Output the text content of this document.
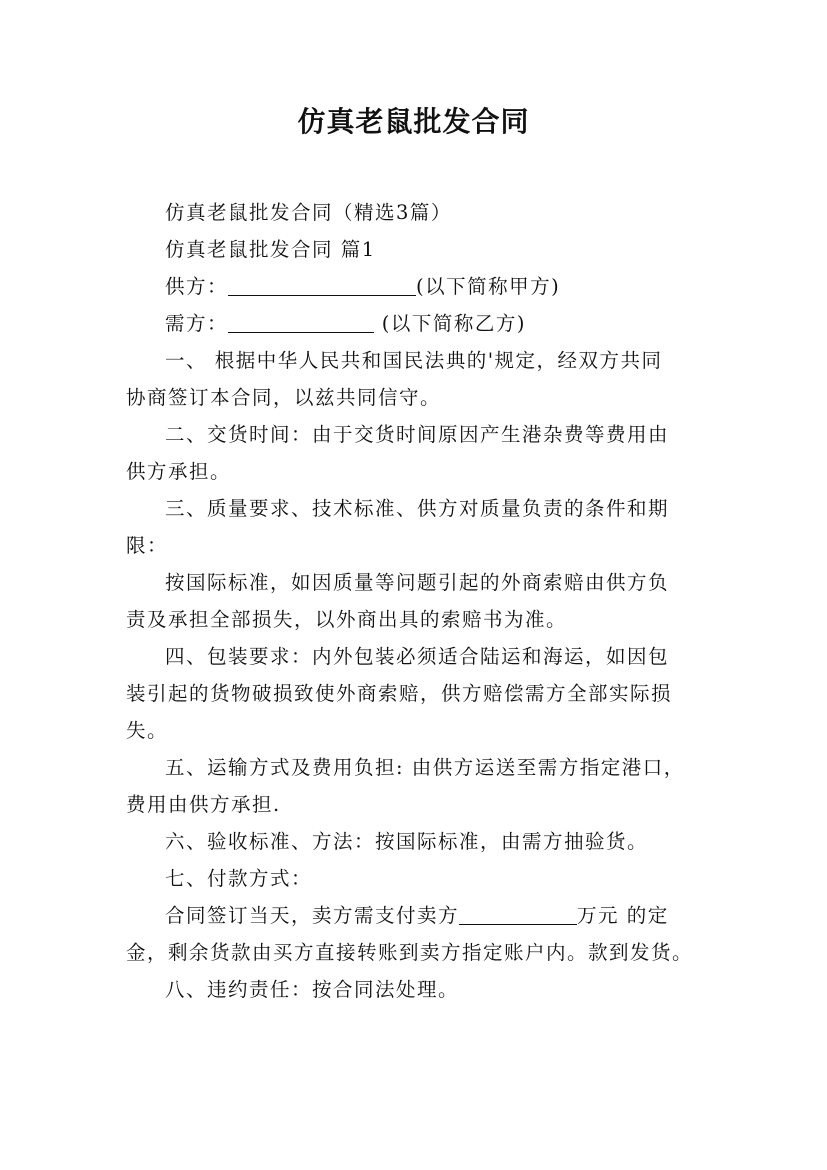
仿真老鼠批发合同
仿真老鼠批发合同（精选3篇）
仿真老鼠批发合同 篇1
供方：	(以下简称甲方)
需方：	(以下简称乙方)
一、 根据中华人民共和国民法典的'规定，经双方共同
协商签订本合同，以兹共同信守。
二、交货时间：由于交货时间原因产生港杂费等费用由
供方承担。
三、质量要求、技术标准、供方对质量负责的条件和期
限：
按国际标准，如因质量等问题引起的外商索赔由供方负
责及承担全部损失，以外商出具的索赔书为准。
四、包装要求：内外包装必须适合陆运和海运，如因包
装引起的货物破损致使外商索赔，供方赔偿需方全部实际损
失。
五、运输方式及费用负担: 由供方运送至需方指定港口，
费用由供方承担.
六、验收标准、方法：按国际标准，由需方抽验货。
七、付款方式：
合同签订当天，卖方需支付卖方	万元 的定
金，剩余货款由买方直接转账到卖方指定账户内。款到发货。
八、违约责任：按合同法处理。
